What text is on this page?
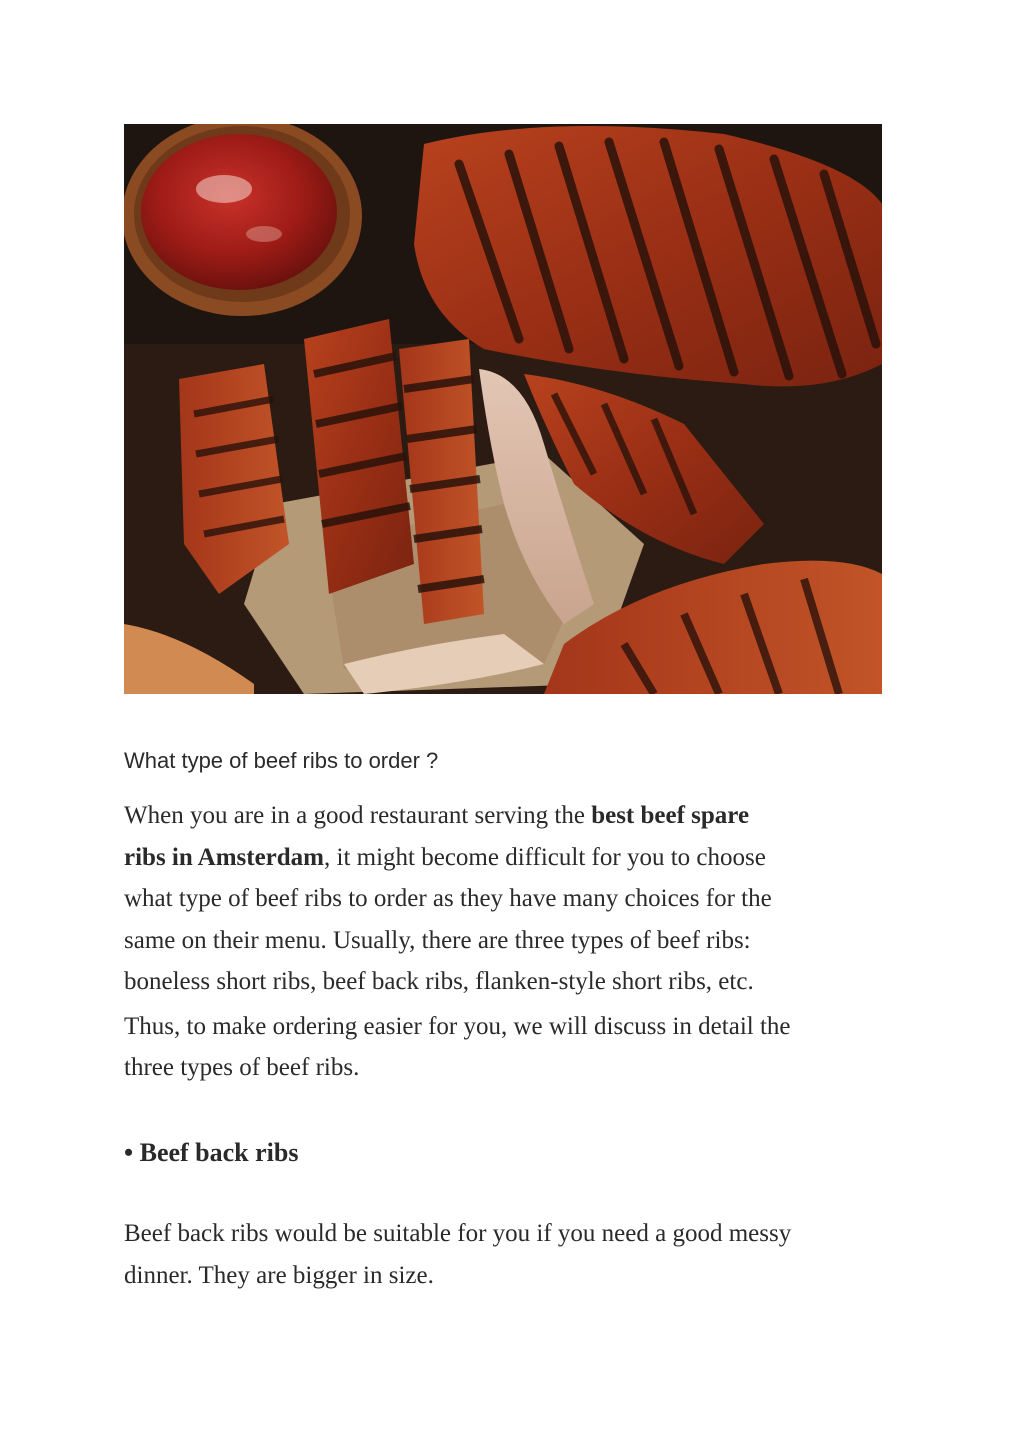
What type of beef ribs to order ?

When you are in a good restaurant serving the best beef spare
ribs in Amsterdam, it might become difficult for you to choose
what type of beef ribs to order as they have many choices for the
same on their menu. Usually, there are three types of beef ribs:
boneless short ribs, beef back ribs, flanken-style short ribs, etc.
Thus, to make ordering easier for you, we will discuss in detail the
three types of beef ribs.

• Beef back ribs

Beef back ribs would be suitable for you if you need a good messy
dinner. They are bigger in size.
